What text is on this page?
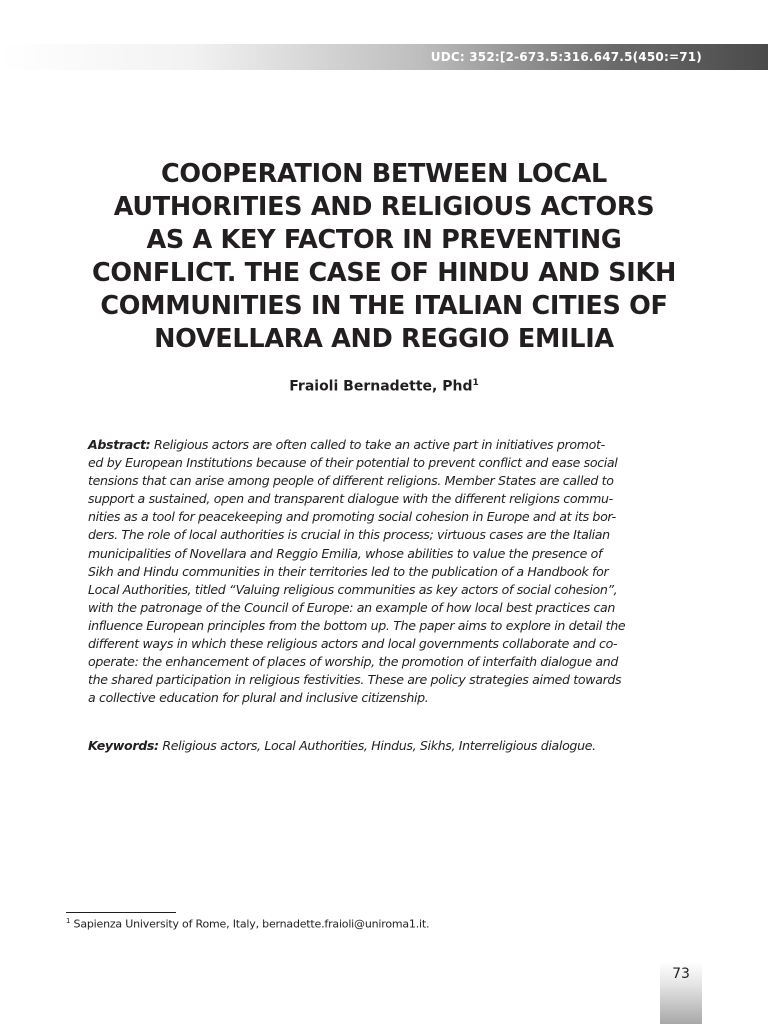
UDC: 352:[2-673.5:316.647.5(450:=71)
COOPERATION BETWEEN LOCAL
AUTHORITIES AND RELIGIOUS ACTORS
AS A KEY FACTOR IN PREVENTING
CONFLICT. THE CASE OF HINDU AND SIKH
COMMUNITIES IN THE ITALIAN CITIES OF
NOVELLARA AND REGGIO EMILIA
Fraioli Bernadette, Phd$^1$
Abstract: Religious actors are often called to take an active part in initiatives promot-
ed by European Institutions because of their potential to prevent conflict and ease social
tensions that can arise among people of different religions. Member States are called to
support a sustained, open and transparent dialogue with the different religions commu-
nities as a tool for peacekeeping and promoting social cohesion in Europe and at its bor-
ders. The role of local authorities is crucial in this process; virtuous cases are the Italian
municipalities of Novellara and Reggio Emilia, whose abilities to value the presence of
Sikh and Hindu communities in their territories led to the publication of a Handbook for
Local Authorities, titled “Valuing religious communities as key actors of social cohesion”,
with the patronage of the Council of Europe: an example of how local best practices can
influence European principles from the bottom up. The paper aims to explore in detail the
different ways in which these religious actors and local governments collaborate and co-
operate: the enhancement of places of worship, the promotion of interfaith dialogue and
the shared participation in religious festivities. These are policy strategies aimed towards
a collective education for plural and inclusive citizenship.
Keywords: Religious actors, Local Authorities, Hindus, Sikhs, Interreligious dialogue.
$^1$ Sapienza University of Rome, Italy, bernadette.fraioli@uniroma1.it.
73
